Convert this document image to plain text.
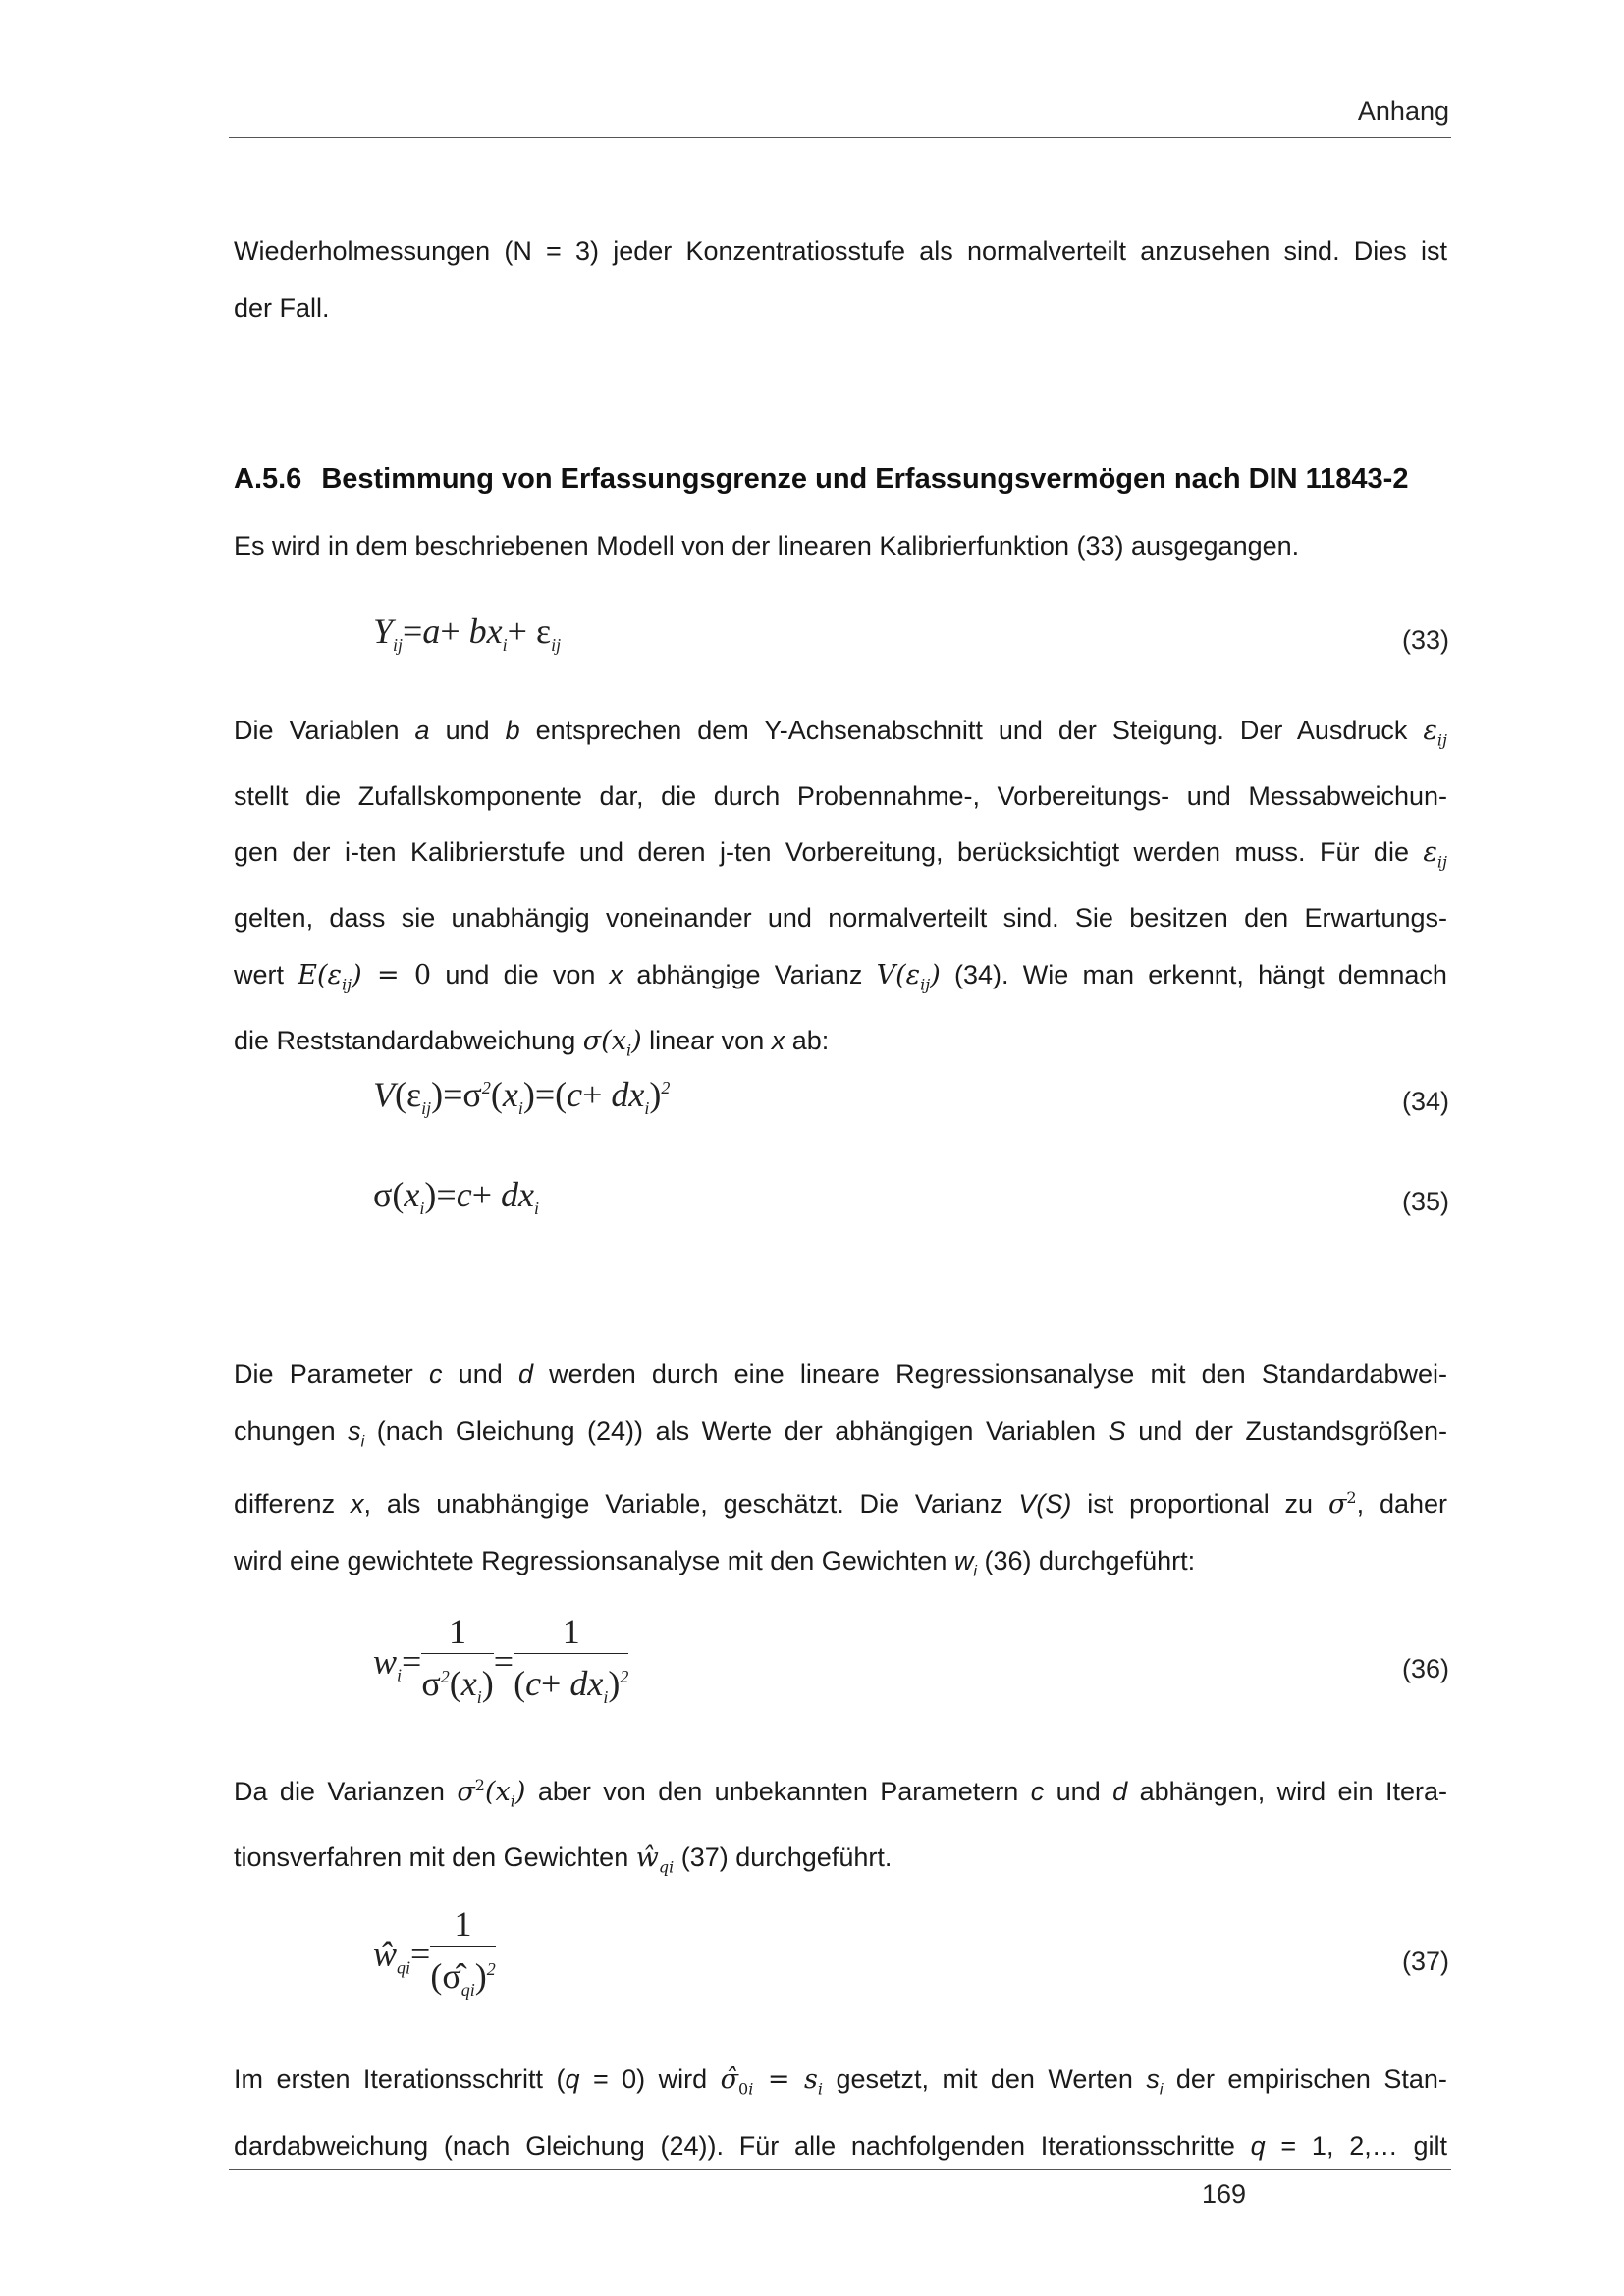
Anhang
Wiederholmessungen (N = 3) jeder Konzentratiosstufe als normalverteilt anzusehen sind. Dies ist
der Fall.
A.5.6 Bestimmung von Erfassungsgrenze und Erfassungsvermögen nach DIN 11843-2
Es wird in dem beschriebenen Modell von der linearen Kalibrierfunktion (33) ausgegangen.
$Y_{ij}=a+ bx_i+ \varepsilon_{ij}$	(33)
Die Variablen a und b entsprechen dem Y-Achsenabschnitt und der Steigung. Der Ausdruck $\varepsilon_{ij}$
stellt die Zufallskomponente dar, die durch Probennahme-, Vorbereitungs- und Messabweichun-
gen der i-ten Kalibrierstufe und deren j-ten Vorbereitung, berücksichtigt werden muss. Für die $\varepsilon_{ij}$
gelten, dass sie unabhängig voneinander und normalverteilt sind. Sie besitzen den Erwartungs-
wert $E(\varepsilon_{ij}) = 0$ und die von x abhängige Varianz $V(\varepsilon_{ij})$ (34). Wie man erkennt, hängt demnach
die Reststandardabweichung $\sigma(x_i)$ linear von x ab:
$V(\varepsilon_{ij})=\sigma^2(x_i)=(c+ dx_i)^2$	(34)
$\sigma(x_i)=c+ dx_i$	(35)
Die Parameter c und d werden durch eine lineare Regressionsanalyse mit den Standardabwei-
chungen $s_i$ (nach Gleichung (24)) als Werte der abhängigen Variablen S und der Zustandsgrößen-
differenz x, als unabhängige Variable, geschätzt. Die Varianz V(S) ist proportional zu $\sigma^2$, daher
wird eine gewichtete Regressionsanalyse mit den Gewichten $w_i$ (36) durchgeführt:
$w_i= \frac{1}{\sigma^2(x_i)} = \frac{1}{(c+ dx_i)^2}$	(36)
Da die Varianzen $\sigma^2(x_i)$ aber von den unbekannten Parametern c und d abhängen, wird ein Itera-
tionsverfahren mit den Gewichten $ŵ_{qi}$ (37) durchgeführt.
$ŵ_{qi}= \frac{1}{(\sigmâ_{qi})^2}$	(37)
Im ersten Iterationsschritt (q = 0) wird $\sigmâ_{0i} = s_i$ gesetzt, mit den Werten $s_i$ der empirischen Stan-
dardabweichung (nach Gleichung (24)). Für alle nachfolgenden Iterationsschritte q = 1, 2,… gilt
169
